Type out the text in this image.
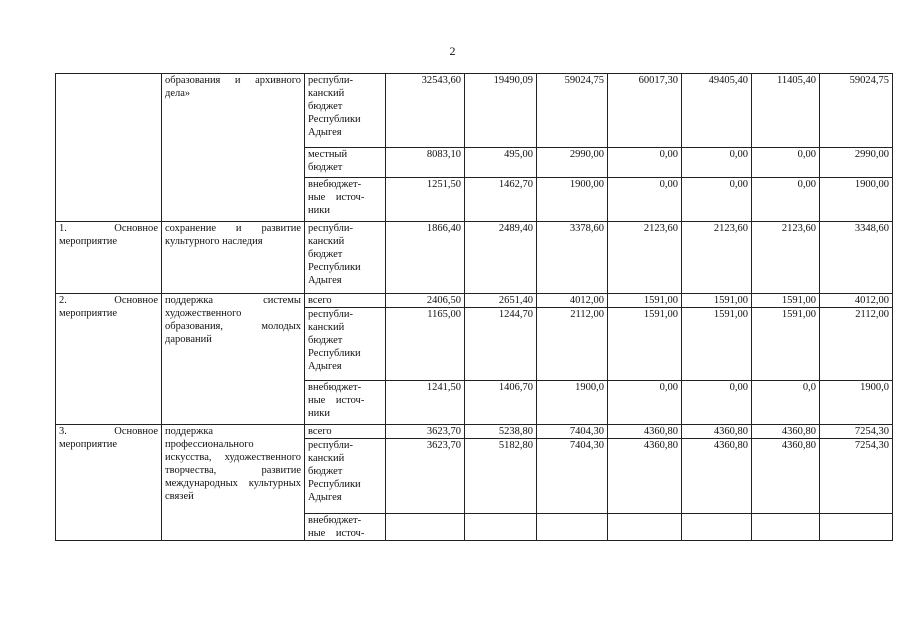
2
	образования и архивного дела»	республи-
канский
бюджет
Республики
Адыгея	32543,60	19490,09	59024,75	60017,30	49405,40	11405,40	59024,75

		местный
бюджет	8083,10	495,00	2990,00	0,00	0,00	0,00	2990,00

		внебюджет-
ные    источ-
ники	1251,50	1462,70	1900,00	0,00	0,00	0,00	1900,00
1. Основное мероприятие	сохранение и развитие культурного наследия	республи-
канский
бюджет
Республики
Адыгея	1866,40	2489,40	3378,60	2123,60	2123,60	2123,60	3348,60
2. Основное мероприятие	поддержка системы художественного образования, молодых дарований	всего	2406,50	2651,40	4012,00	1591,00	1591,00	1591,00	4012,00

		республи-
канский
бюджет
Республики
Адыгея	1165,00	1244,70	2112,00	1591,00	1591,00	1591,00	2112,00

		внебюджет-
ные    источ-
ники	1241,50	1406,70	1900,0	0,00	0,00	0,0	1900,0
3. Основное мероприятие	поддержка профессионального искусства, художественного творчества, развитие международных культурных связей	всего	3623,70	5238,80	7404,30	4360,80	4360,80	4360,80	7254,30

		республи-
канский
бюджет
Республики
Адыгея	3623,70	5182,80	7404,30	4360,80	4360,80	4360,80	7254,30

		внебюджет-
ные    источ-							
